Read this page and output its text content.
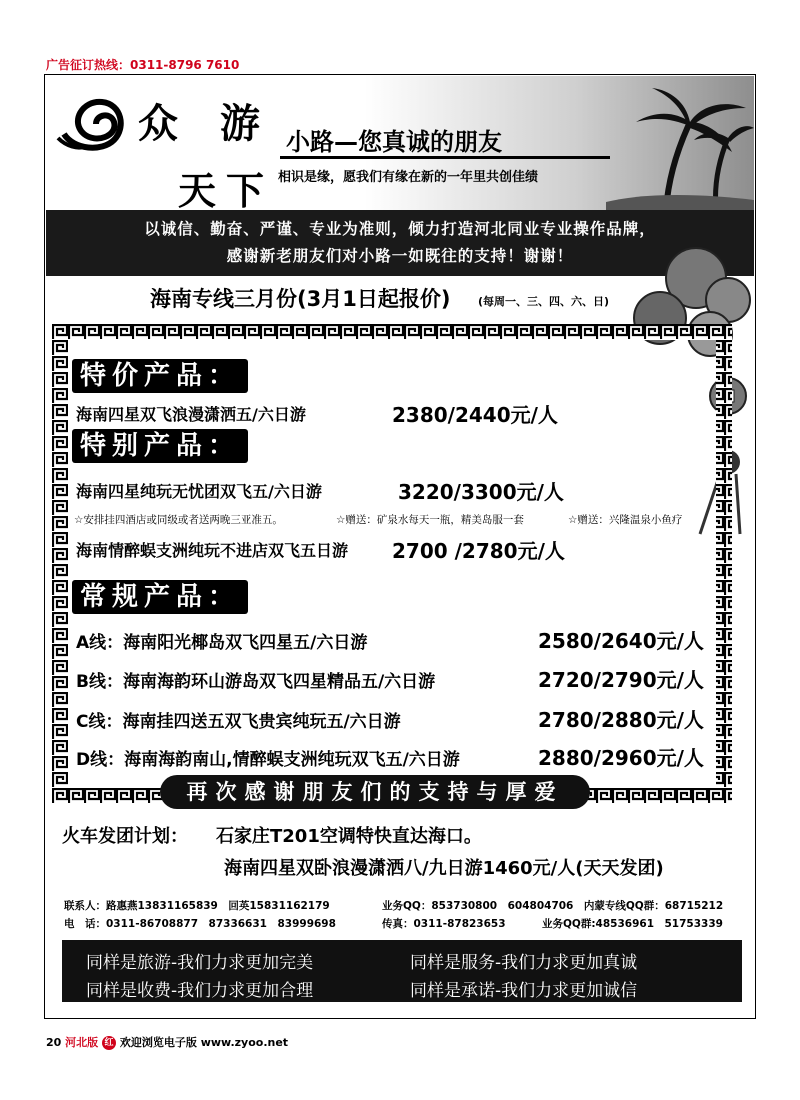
广告征订热线：0311-8796 7610
众 游
天下
小路—您真诚的朋友
相识是缘，愿我们有缘在新的一年里共创佳绩
以诚信、勤奋、严谨、专业为准则，倾力打造河北同业专业操作品牌，
感谢新老朋友们对小路一如既往的支持！谢谢！
海南专线三月份(3月1日起报价)	(每周一、三、四、六、日)
特价产品：
海南四星双飞浪漫潇洒五/六日游	2380/2440元/人
特别产品：
海南四星纯玩无忧团双飞五/六日游	3220/3300元/人
☆安排挂四酒店或同级或者送两晚三亚准五。	☆赠送：矿泉水每天一瓶，精美岛服一套	☆赠送：兴隆温泉小鱼疗
海南情醉蜈支洲纯玩不进店双飞五日游 2700 /2780元/人
常规产品：
A线：海南阳光椰岛双飞四星五/六日游	2580/2640元/人
B线：海南海韵环山游岛双飞四星精品五/六日游	2720/2790元/人
C线：海南挂四送五双飞贵宾纯玩五/六日游	2780/2880元/人
D线：海南海韵南山,情醉蜈支洲纯玩双飞五/六日游	2880/2960元/人
再次感谢朋友们的支持与厚爱
火车发团计划： 石家庄T201空调特快直达海口。
海南四星双卧浪漫潇洒八/九日游1460元/人(天天发团)
联系人：路惠燕13831165839　回英15831162179	业务QQ：853730800　604804706　内蒙专线QQ群：68715212
电　话：0311-86708877　87336631　83999698	传真：0311-87823653	业务QQ群:48536961　51753339
同样是旅游-我们力求更加完美	同样是服务-我们力求更加真诚
同样是收费-我们力求更加合理	同样是承诺-我们力求更加诚信
20 河北版 红 欢迎浏览电子版 www.zyoo.net
